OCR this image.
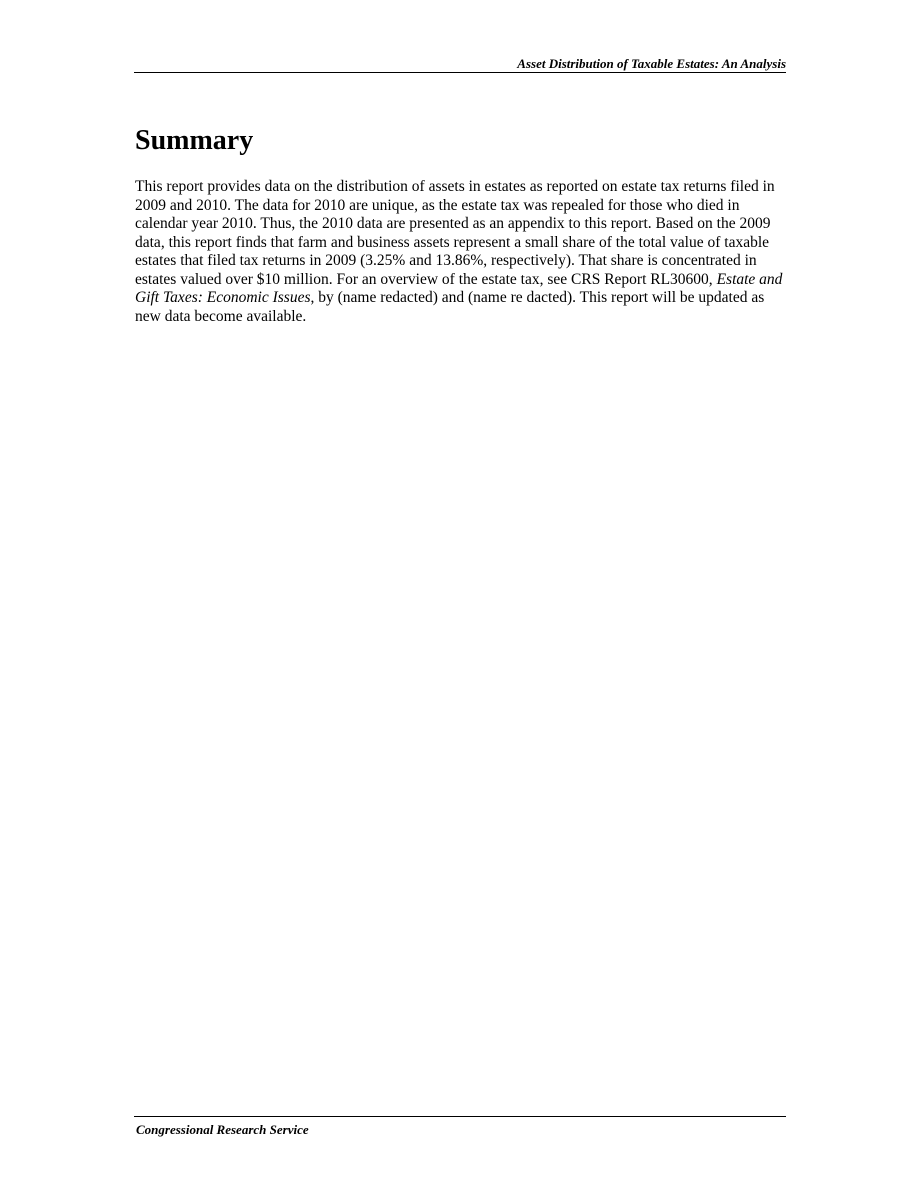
Asset Distribution of Taxable Estates: An Analysis
Summary

This report provides data on the distribution of assets in estates as reported on estate tax returns filed in 2009 and 2010. The data for 2010 are unique, as the estate tax was repealed for those who died in calendar year 2010. Thus, the 2010 data are presented as an appendix to this report. Based on the 2009 data, this report finds that farm and business assets represent a small share of the total value of taxable estates that filed tax returns in 2009 (3.25% and 13.86%, respectively). That share is concentrated in estates valued over $10 million. For an overview of the estate tax, see CRS Report RL30600, Estate and Gift Taxes: Economic Issues, by (name redacted) and (name re dacted). This report will be updated as new data become available.

Congressional Research Service
